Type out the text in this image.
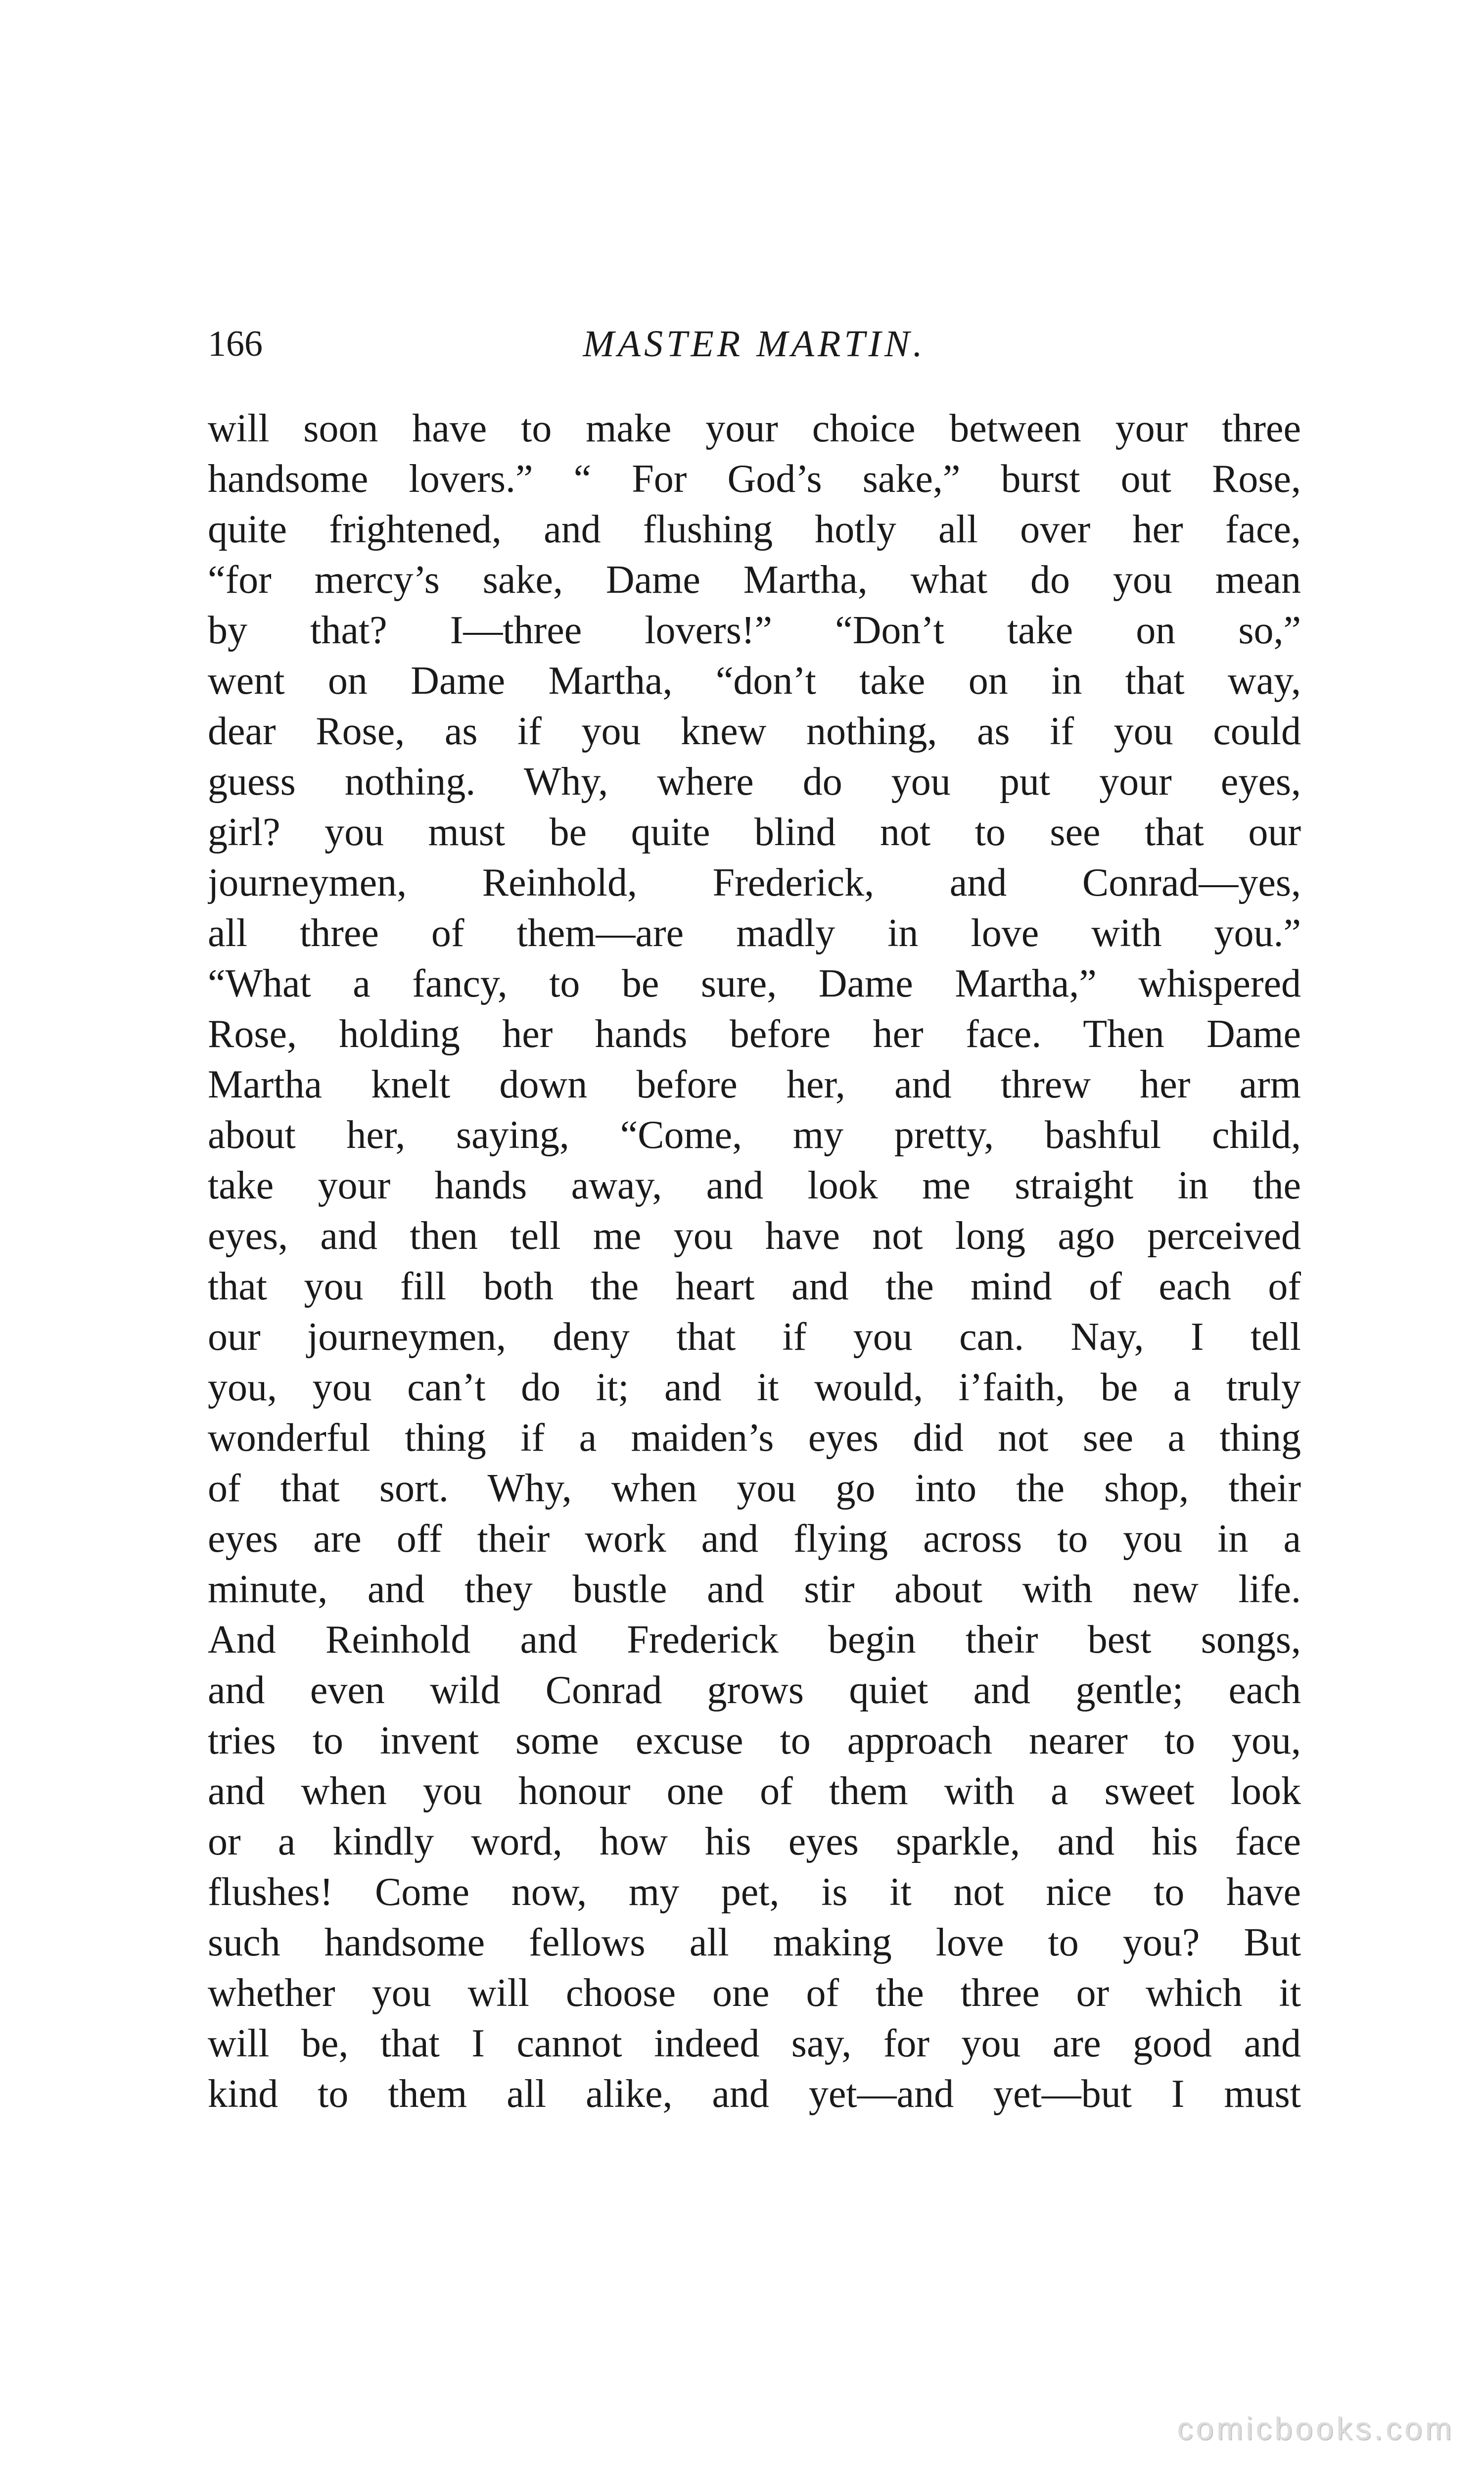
166	MASTER MARTIN.
will soon have to make your choice between your three
handsome lovers.” “ For God’s sake,” burst out Rose,
quite frightened, and flushing hotly all over her face,
“for mercy’s sake, Dame Martha, what do you mean
by that? I—three lovers!” “Don’t take on so,”
went on Dame Martha, “don’t take on in that way,
dear Rose, as if you knew nothing, as if you could
guess nothing. Why, where do you put your eyes,
girl? you must be quite blind not to see that our
journeymen, Reinhold, Frederick, and Conrad—yes,
all three of them—are madly in love with you.”
“What a fancy, to be sure, Dame Martha,” whispered
Rose, holding her hands before her face. Then Dame
Martha knelt down before her, and threw her arm
about her, saying, “Come, my pretty, bashful child,
take your hands away, and look me straight in the
eyes, and then tell me you have not long ago perceived
that you fill both the heart and the mind of each of
our journeymen, deny that if you can. Nay, I tell
you, you can’t do it; and it would, i’faith, be a truly
wonderful thing if a maiden’s eyes did not see a thing
of that sort. Why, when you go into the shop, their
eyes are off their work and flying across to you in a
minute, and they bustle and stir about with new life.
And Reinhold and Frederick begin their best songs,
and even wild Conrad grows quiet and gentle; each
tries to invent some excuse to approach nearer to you,
and when you honour one of them with a sweet look
or a kindly word, how his eyes sparkle, and his face
flushes! Come now, my pet, is it not nice to have
such handsome fellows all making love to you? But
whether you will choose one of the three or which it
will be, that I cannot indeed say, for you are good and
kind to them all alike, and yet—and yet—but I must
comicbooks.com
